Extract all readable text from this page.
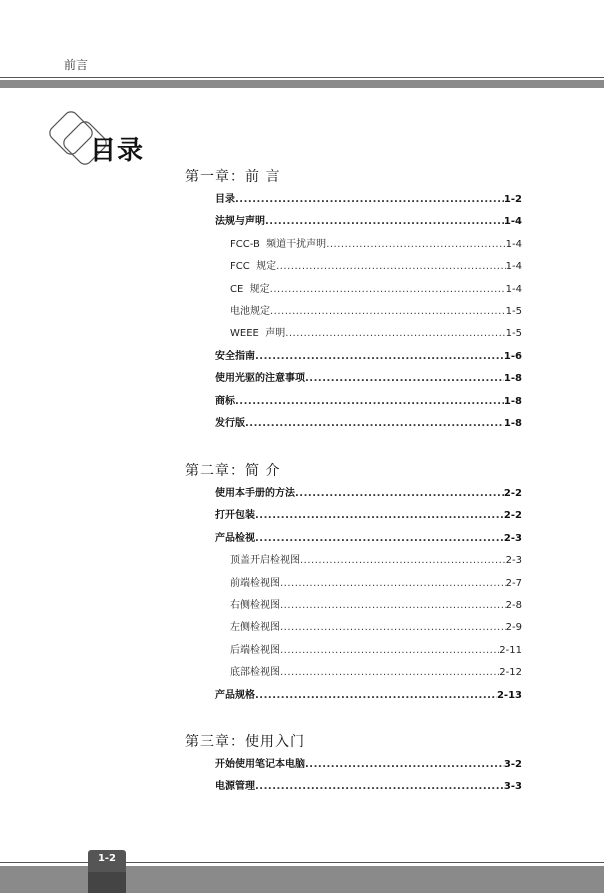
前言
目录
第一章：前 言
目录 .....	1-2
法规与声明 .....	1-4
FCC-B  频道干扰声明 .....	1-4
FCC  规定 .....	1-4
CE  规定 .....	1-4
电池规定 .....	1-5
WEEE  声明 .....	1-5
安全指南 .....	1-6
使用光驱的注意事项 .....	1-8
商标 .....	1-8
发行版 .....	1-8
第二章：简 介
使用本手册的方法 .....	2-2
打开包装 .....	2-2
产品检视 .....	2-3
顶盖开启检视图 .....	2-3
前端检视图 .....	2-7
右侧检视图 .....	2-8
左侧检视图 .....	2-9
后端检视图 .....	2-11
底部检视图 .....	2-12
产品规格 .....	2-13
第三章：使用入门
开始使用笔记本电脑 .....	3-2
电源管理 .....	3-3
1-2
